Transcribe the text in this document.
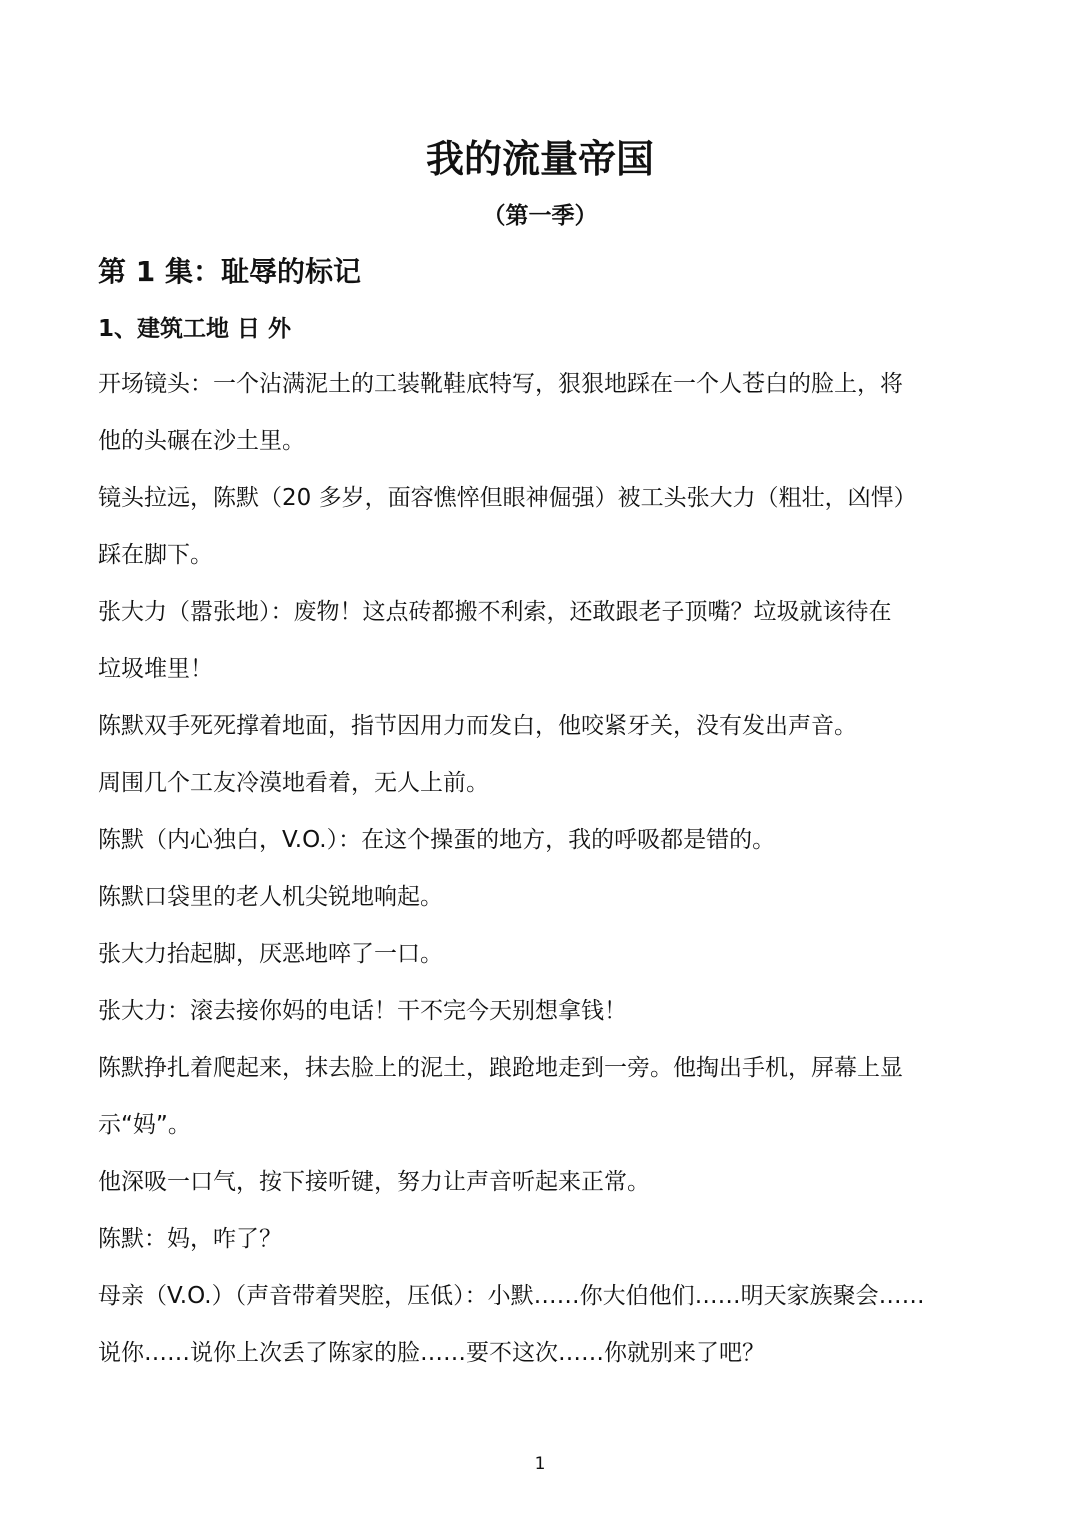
我的流量帝国
（第一季）
第 1 集：耻辱的标记
1、建筑工地 日 外
开场镜头：一个沾满泥土的工装靴鞋底特写，狠狠地踩在一个人苍白的脸上，将
他的头碾在沙土里。
镜头拉远，陈默（20 多岁，面容憔悴但眼神倔强）被工头张大力（粗壮，凶悍）
踩在脚下。
张大力（嚣张地）：废物！这点砖都搬不利索，还敢跟老子顶嘴？垃圾就该待在
垃圾堆里！
陈默双手死死撑着地面，指节因用力而发白，他咬紧牙关，没有发出声音。
周围几个工友冷漠地看着，无人上前。
陈默（内心独白，V.O.）：在这个操蛋的地方，我的呼吸都是错的。
陈默口袋里的老人机尖锐地响起。
张大力抬起脚，厌恶地啐了一口。
张大力：滚去接你妈的电话！干不完今天别想拿钱！
陈默挣扎着爬起来，抹去脸上的泥土，踉跄地走到一旁。他掏出手机，屏幕上显
示“妈”。
他深吸一口气，按下接听键，努力让声音听起来正常。
陈默：妈，咋了？
母亲（V.O.）（声音带着哭腔，压低）：小默……你大伯他们……明天家族聚会……
说你……说你上次丢了陈家的脸……要不这次……你就别来了吧？
1
